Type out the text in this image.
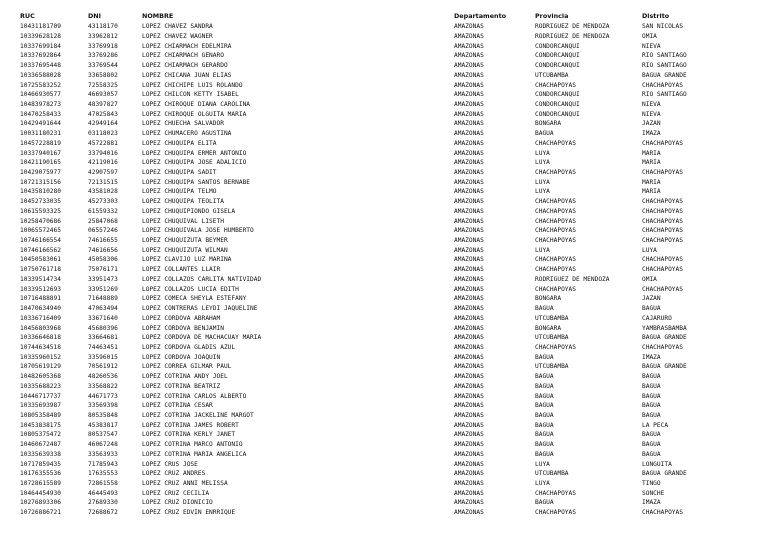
RUC	DNI	NOMBRE	Departamento	Provincia	Distrito
10431181709	43118170	LOPEZ CHAVEZ SANDRA	AMAZONAS	RODRIGUEZ DE MENDOZA	SAN NICOLAS
10339628128	33962812	LOPEZ CHAVEZ WAGNER	AMAZONAS	RODRIGUEZ DE MENDOZA	OMIA
10337699184	33769918	LOPEZ CHIARMACH EDELMIRA	AMAZONAS	CONDORCANQUI	NIEVA
10337692864	33769286	LOPEZ CHIARMACH GENARO	AMAZONAS	CONDORCANQUI	RIO SANTIAGO
10337695448	33769544	LOPEZ CHIARMACH GERARDO	AMAZONAS	CONDORCANQUI	RIO SANTIAGO
10336588028	33658802	LOPEZ CHICANA JUAN ELIAS	AMAZONAS	UTCUBAMBA	BAGUA GRANDE
10725583252	72558325	LOPEZ CHICHIPE LUIS ROLANDO	AMAZONAS	CHACHAPOYAS	CHACHAPOYAS
10466930577	46693057	LOPEZ CHILCON KETTY ISABEL	AMAZONAS	CONDORCANQUI	RIO SANTIAGO
10483978273	48397827	LOPEZ CHIROQUE DIANA CAROLINA	AMAZONAS	CONDORCANQUI	NIEVA
10470258433	47025843	LOPEZ CHIROQUE OLGUITA MARIA	AMAZONAS	CONDORCANQUI	NIEVA
10429491644	42949164	LOPEZ CHUECHA SALVADOR	AMAZONAS	BONGARA	JAZAN
10031180231	03118023	LOPEZ CHUMACERO AGUSTINA	AMAZONAS	BAGUA	IMAZA
10457228819	45722881	LOPEZ CHUQUIPA ELITA	AMAZONAS	CHACHAPOYAS	CHACHAPOYAS
10337940167	33794016	LOPEZ CHUQUIPA ERMER ANTONIO	AMAZONAS	LUYA	MARIA
10421190165	42119016	LOPEZ CHUQUIPA JOSE ADALICIO	AMAZONAS	LUYA	MARIA
10429075977	42907597	LOPEZ CHUQUIPA SADIT	AMAZONAS	CHACHAPOYAS	CHACHAPOYAS
10721315156	72131515	LOPEZ CHUQUIPA SANTOS BERNABE	AMAZONAS	LUYA	MARIA
10435810280	43581028	LOPEZ CHUQUIPA TELMO	AMAZONAS	LUYA	MARIA
10452733035	45273303	LOPEZ CHUQUIPA TEOLITA	AMAZONAS	CHACHAPOYAS	CHACHAPOYAS
10615593325	61559332	LOPEZ CHUQUIPIONDO GISELA	AMAZONAS	CHACHAPOYAS	CHACHAPOYAS
10258470686	25847068	LOPEZ CHUQUIVAL LISETH	AMAZONAS	CHACHAPOYAS	CHACHAPOYAS
10065572465	06557246	LOPEZ CHUQUIVALA JOSE HUMBERTO	AMAZONAS	CHACHAPOYAS	CHACHAPOYAS
10746166554	74616655	LOPEZ CHUQUIZUTA BEYMER	AMAZONAS	CHACHAPOYAS	CHACHAPOYAS
10746166562	74616656	LOPEZ CHUQUIZUTA WILMAN	AMAZONAS	LUYA	LUYA
10450583061	45058306	LOPEZ CLAVIJO LUZ MARINA	AMAZONAS	CHACHAPOYAS	CHACHAPOYAS
10750761718	75076171	LOPEZ COLLANTES LLAIR	AMAZONAS	CHACHAPOYAS	CHACHAPOYAS
10339514734	33951473	LOPEZ COLLAZOS CARLITA NATIVIDAD	AMAZONAS	RODRIGUEZ DE MENDOZA	OMIA
10339512693	33951269	LOPEZ COLLAZOS LUCIA EDITH	AMAZONAS	CHACHAPOYAS	CHACHAPOYAS
10716488891	71648889	LOPEZ COMECA SHEYLA ESTEFANY	AMAZONAS	BONGARA	JAZAN
10470634940	47063494	LOPEZ CONTRERAS LEYDI JAQUELINE	AMAZONAS	BAGUA	BAGUA
10336716409	33671640	LOPEZ CORDOVA ABRAHAM	AMAZONAS	UTCUBAMBA	CAJARURO
10456803968	45680396	LOPEZ CORDOVA BENJAMIN	AMAZONAS	BONGARA	YAMBRASBAMBA
10336646818	33664681	LOPEZ CORDOVA DE MACHACUAY MARIA	AMAZONAS	UTCUBAMBA	BAGUA GRANDE
10744634518	74463451	LOPEZ CORDOVA GLADIS AZUL	AMAZONAS	CHACHAPOYAS	CHACHAPOYAS
10335960152	33596015	LOPEZ CORDOVA JOAQUIN	AMAZONAS	BAGUA	IMAZA
10705619129	70561912	LOPEZ CORREA GILMAR PAUL	AMAZONAS	UTCUBAMBA	BAGUA GRANDE
10482605368	48260536	LOPEZ COTRINA ANDY JOEL	AMAZONAS	BAGUA	BAGUA
10335688223	33568822	LOPEZ COTRINA BEATRIZ	AMAZONAS	BAGUA	BAGUA
10446717737	44671773	LOPEZ COTRINA CARLOS ALBERTO	AMAZONAS	BAGUA	BAGUA
10335693987	33569398	LOPEZ COTRINA CESAR	AMAZONAS	BAGUA	BAGUA
10805358489	80535848	LOPEZ COTRINA JACKELINE MARGOT	AMAZONAS	BAGUA	BAGUA
10453838175	45383817	LOPEZ COTRINA JAMES ROBERT	AMAZONAS	BAGUA	LA PECA
10805375472	80537547	LOPEZ COTRINA KERLY JANET	AMAZONAS	BAGUA	BAGUA
10460672487	46067248	LOPEZ COTRINA MARCO ANTONIO	AMAZONAS	BAGUA	BAGUA
10335639338	33563933	LOPEZ COTRINA MARIA ANGELICA	AMAZONAS	BAGUA	BAGUA
10717859435	71785943	LOPEZ CRUS JOSE	AMAZONAS	LUYA	LONGUITA
10176355536	17635553	LOPEZ CRUZ ANDRES	AMAZONAS	UTCUBAMBA	BAGUA GRANDE
10728615589	72861558	LOPEZ CRUZ ANNI MELISSA	AMAZONAS	LUYA	TINGO
10464454930	46445493	LOPEZ CRUZ CECILIA	AMAZONAS	CHACHAPOYAS	SONCHE
10276893306	27689330	LOPEZ CRUZ DIONICIO	AMAZONAS	BAGUA	IMAZA
10726886721	72688672	LOPEZ CRUZ EDVIN ENRRIQUE	AMAZONAS	CHACHAPOYAS	CHACHAPOYAS
